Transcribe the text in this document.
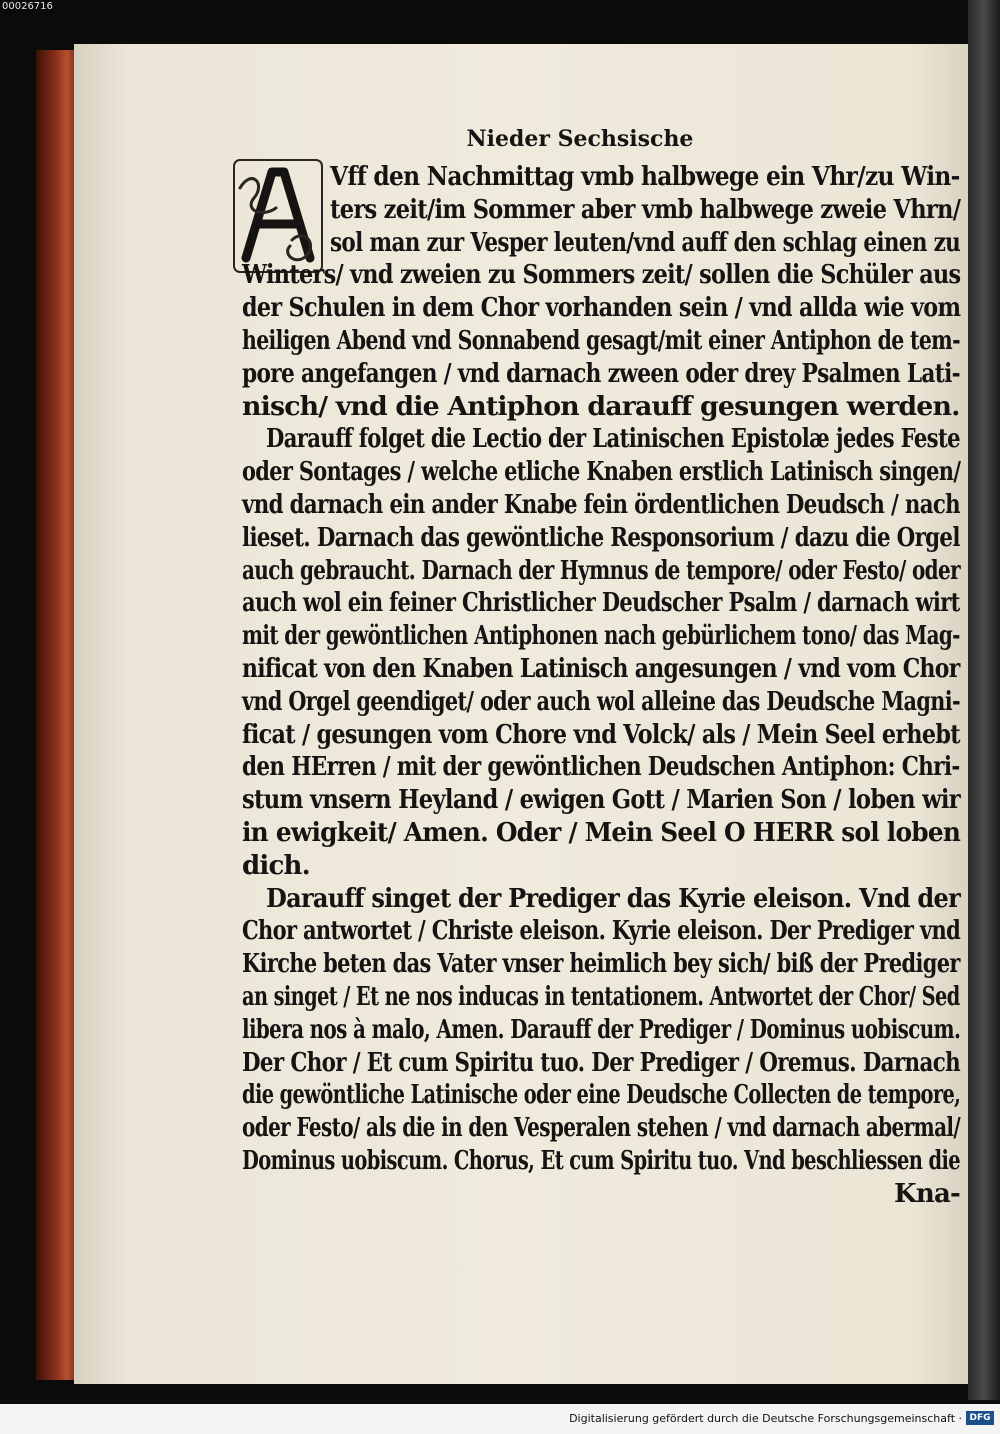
00026716
Nieder Sechsische
Vff den Nachmittag vmb halbwege ein Vhr/zu Win-
ters zeit/im Sommer aber vmb halbwege zweie Vhrn/
sol man zur Vesper leuten/vnd auff den schlag einen zu
Winters/ vnd zweien zu Sommers zeit/ sollen die Schüler aus
der Schulen in dem Chor vorhanden sein / vnd allda wie vom
heiligen Abend vnd Sonnabend gesagt/mit einer Antiphon de tem-
pore angefangen / vnd darnach zween oder drey Psalmen Lati-
nisch/ vnd die Antiphon darauff gesungen werden.
Darauff folget die Lectio der Latinischen Epistolæ jedes Feste
oder Sontages / welche etliche Knaben erstlich Latinisch singen/
vnd darnach ein ander Knabe fein ördentlichen Deudsch / nach
lieset. Darnach das gewöntliche Responsorium / dazu die Orgel
auch gebraucht. Darnach der Hymnus de tempore/ oder Festo/ oder
auch wol ein feiner Christlicher Deudscher Psalm / darnach wirt
mit der gewöntlichen Antiphonen nach gebürlichem tono/ das Mag-
nificat von den Knaben Latinisch angesungen / vnd vom Chor
vnd Orgel geendiget/ oder auch wol alleine das Deudsche Magni-
ficat / gesungen vom Chore vnd Volck/ als / Mein Seel erhebt
den HErren / mit der gewöntlichen Deudschen Antiphon: Chri-
stum vnsern Heyland / ewigen Gott / Marien Son / loben wir
in ewigkeit/ Amen. Oder / Mein Seel O HERR sol loben
dich.
Darauff singet der Prediger das Kyrie eleison. Vnd der
Chor antwortet / Christe eleison. Kyrie eleison. Der Prediger vnd
Kirche beten das Vater vnser heimlich bey sich/ biß der Prediger
an singet / Et ne nos inducas in tentationem. Antwortet der Chor/ Sed
libera nos à malo, Amen. Darauff der Prediger / Dominus uobiscum.
Der Chor / Et cum Spiritu tuo. Der Prediger / Oremus. Darnach
die gewöntliche Latinische oder eine Deudsche Collecten de tempore,
oder Festo/ als die in den Vesperalen stehen / vnd darnach abermal/
Dominus uobiscum. Chorus, Et cum Spiritu tuo. Vnd beschliessen die
Kna-
Digitalisierung gefördert durch die Deutsche Forschungsgemeinschaft · DFG
